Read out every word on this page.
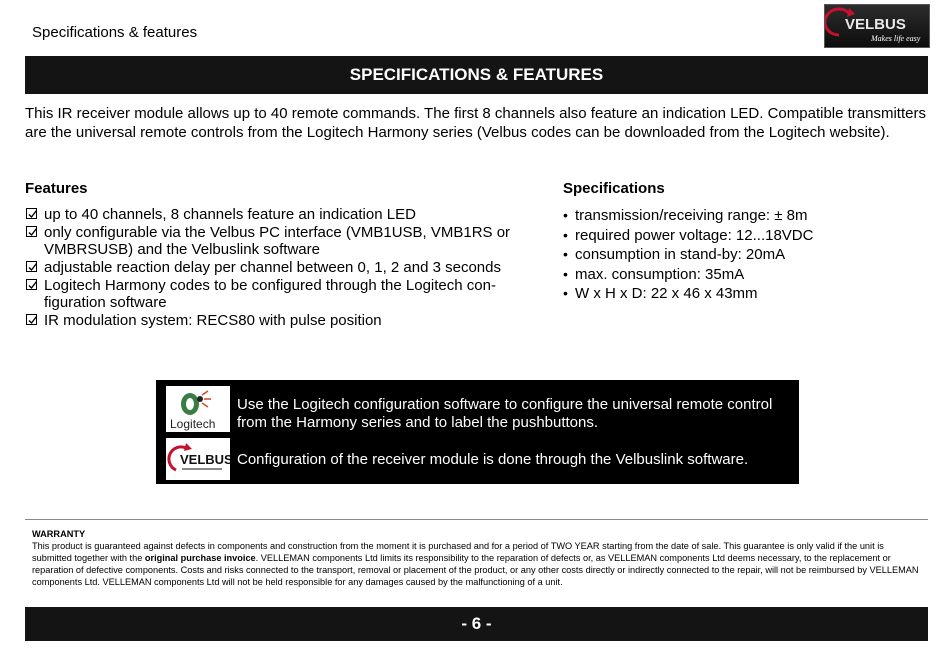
Specifications & features	VELBUS
Makes life easy
SPECIFICATIONS & FEATURES
This IR receiver module allows up to 40 remote commands. The first 8 channels also feature an indication LED. Compatible transmitters are the universal remote controls from the Logitech Harmony series (Velbus codes can be downloaded from the Logitech website).
Features	Specifications
up to 40 channels, 8 channels feature an indication LED
only configurable via the Velbus PC interface (VMB1USB, VMB1RS or VMBRSUSB) and the Velbuslink software
adjustable reaction delay per channel between 0, 1, 2 and 3 seconds
Logitech Harmony codes to be configured through the Logitech con-figuration software
IR modulation system: RECS80 with pulse position
• transmission/receiving range: ± 8m
• required power voltage: 12...18VDC
• consumption in stand-by: 20mA
• max. consumption: 35mA
• W x H x D: 22 x 46 x 43mm
Logitech
VELBUS
Use the Logitech configuration software to configure the universal remote control from the Harmony series and to label the pushbuttons.
Configuration of the receiver module is done through the Velbuslink software.
WARRANTY
This product is guaranteed against defects in components and construction from the moment it is purchased and for a period of TWO YEAR starting from the date of sale. This guarantee is only valid if the unit is submitted together with the original purchase invoice. VELLEMAN components Ltd limits its responsibility to the reparation of defects or, as VELLEMAN components Ltd deems necessary, to the replacement or reparation of defective components. Costs and risks connected to the transport, removal or placement of the product, or any other costs directly or indirectly connected to the repair, will not be reimbursed by VELLEMAN components Ltd. VELLEMAN components Ltd will not be held responsible for any damages caused by the malfunctioning of a unit.
- 6 -
